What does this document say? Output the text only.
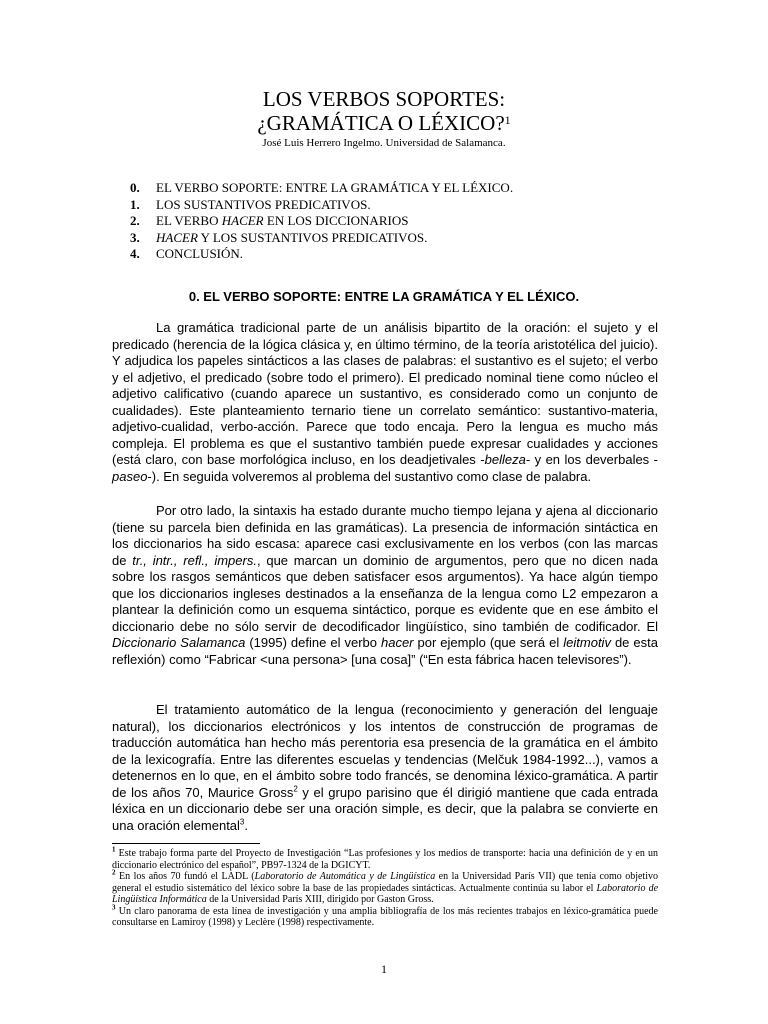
LOS VERBOS SOPORTES:
¿GRAMÁTICA O LÉXICO?$^1$
José Luis Herrero Ingelmo. Universidad de Salamanca.
0.	EL VERBO SOPORTE: ENTRE LA GRAMÁTICA Y EL LÉXICO.
1.	LOS SUSTANTIVOS PREDICATIVOS.
2.	EL VERBO HACER EN LOS DICCIONARIOS
3.	HACER Y LOS SUSTANTIVOS PREDICATIVOS.
4.	CONCLUSIÓN.
0. EL VERBO SOPORTE: ENTRE LA GRAMÁTICA Y EL LÉXICO.

La gramática tradicional parte de un análisis bipartito de la oración: el sujeto y el predicado (herencia de la lógica clásica y, en último término, de la teoría aristotélica del juicio). Y adjudica los papeles sintácticos a las clases de palabras: el sustantivo es el sujeto; el verbo y el adjetivo, el predicado (sobre todo el primero). El predicado nominal tiene como núcleo el adjetivo calificativo (cuando aparece un sustantivo, es considerado como un conjunto de cualidades). Este planteamiento ternario tiene un correlato semántico: sustantivo-materia, adjetivo-cualidad, verbo-acción. Parece que todo encaja. Pero la lengua es mucho más compleja. El problema es que el sustantivo también puede expresar cualidades y acciones (está claro, con base morfológica incluso, en los deadjetivales -belleza- y en los deverbales -paseo-). En seguida volveremos al problema del sustantivo como clase de palabra.

Por otro lado, la sintaxis ha estado durante mucho tiempo lejana y ajena al diccionario (tiene su parcela bien definida en las gramáticas). La presencia de información sintáctica en los diccionarios ha sido escasa: aparece casi exclusivamente en los verbos (con las marcas de tr., intr., refl., impers., que marcan un dominio de argumentos, pero que no dicen nada sobre los rasgos semánticos que deben satisfacer esos argumentos). Ya hace algún tiempo que los diccionarios ingleses destinados a la enseñanza de la lengua como L2 empezaron a plantear la definición como un esquema sintáctico, porque es evidente que en ese ámbito el diccionario debe no sólo servir de decodificador lingüístico, sino también de codificador. El Diccionario Salamanca (1995) define el verbo hacer por ejemplo (que será el leitmotiv de esta reflexión) como “Fabricar <una persona> [una cosa]” (“En esta fábrica hacen televisores”).

El tratamiento automático de la lengua (reconocimiento y generación del lenguaje natural), los diccionarios electrónicos y los intentos de construcción de programas de traducción automática han hecho más perentoria esa presencia de la gramática en el ámbito de la lexicografía. Entre las diferentes escuelas y tendencias (Melčuk 1984-1992...), vamos a detenernos en lo que, en el ámbito sobre todo francés, se denomina léxico-gramática. A partir de los años 70, Maurice Gross$^2$ y el grupo parisino que él dirigió mantiene que cada entrada léxica en un diccionario debe ser una oración simple, es decir, que la palabra se convierte en una oración elemental$^3$.

$^1$ Este trabajo forma parte del Proyecto de Investigación “Las profesiones y los medios de transporte: hacia una definición de y en un diccionario electrónico del español”, PB97-1324 de la DGICYT.

$^2$ En los años 70 fundó el LADL (Laboratorio de Automática y de Lingüística en la Universidad París VII) que tenía como objetivo general el estudio sistemático del léxico sobre la base de las propiedades sintácticas. Actualmente continúa su labor el Laboratorio de Lingüística Informática de la Universidad París XIII, dirigido por Gaston Gross.

$^3$ Un claro panorama de esta línea de investigación y una amplia bibliografía de los más recientes trabajos en léxico-gramática puede consultarse en Lamiroy (1998) y Leclère (1998) respectivamente.

1
